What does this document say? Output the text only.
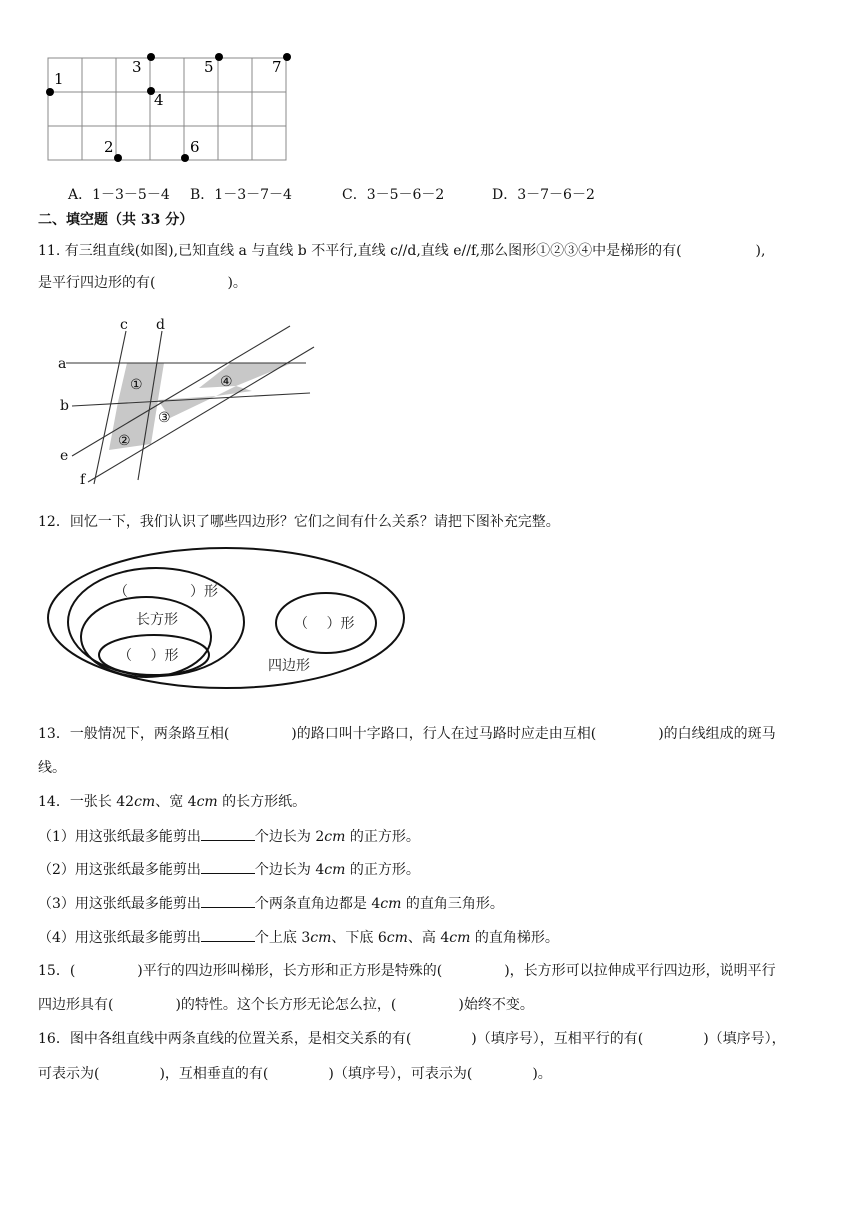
1
2
3
4
5
6
7
A．1－3－5－4 B．1－3－7－4	C．3－5－6－2	D．3－7－6－2
二、填空题（共 33 分）
11. 有三组直线(如图),已知直线 a 与直线 b 不平行,直线 c//d,直线 e//f,那么图形①②③④中是梯形的有(	),
是平行四边形的有(	)。
c d
a
b
e
f
①
②
③
④
12．回忆一下，我们认识了哪些四边形？它们之间有什么关系？请把下图补充完整。
（	）形
长方形
（　 ）形
（　 ）形
四边形
13．一般情况下，两条路互相(	)的路口叫十字路口，行人在过马路时应走由互相(	)的白线组成的斑马
线。
14．一张长 42cm、宽 4cm 的长方形纸。
（1）用这张纸最多能剪出	个边长为 2cm 的正方形。
（2）用这张纸最多能剪出	个边长为 4cm 的正方形。
（3）用这张纸最多能剪出	个两条直角边都是 4cm 的直角三角形。
（4）用这张纸最多能剪出	个上底 3cm、下底 6cm、高 4cm 的直角梯形。
15．(	)平行的四边形叫梯形，长方形和正方形是特殊的(	)，长方形可以拉伸成平行四边形，说明平行
四边形具有(	)的特性。这个长方形无论怎么拉，(	)始终不变。
16．图中各组直线中两条直线的位置关系，是相交关系的有(	)（填序号），互相平行的有(	)（填序号），
可表示为(	)，互相垂直的有(	)（填序号），可表示为(	)。
